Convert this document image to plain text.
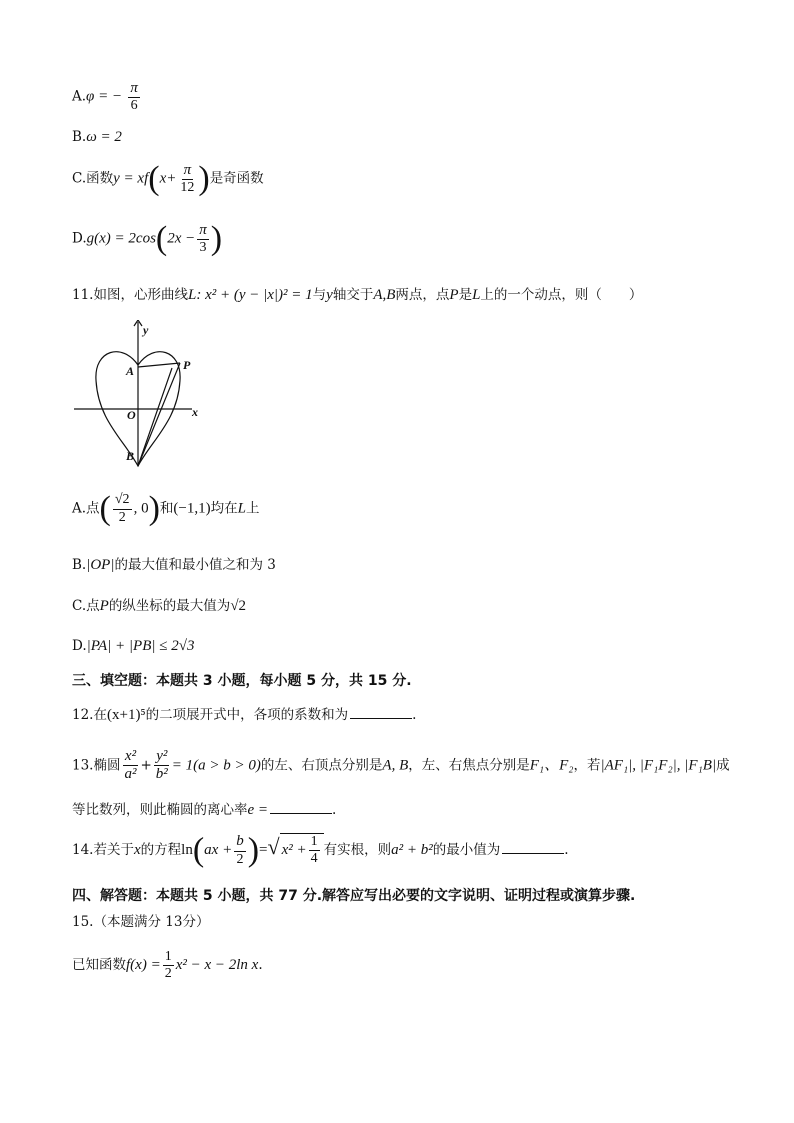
A.φ = − $\frac{\pi}{6}$
B.ω = 2
C.函数$y = xf(x+ \frac{\pi}{12}$ )是奇函数
$D.g(x) = 2\cos(2x - \frac{\pi}{3}$ )
11.如图，心形曲线L: x² + (y − |x|)² = 1与y轴交于A,B两点，点P是L上的一个动点，则（　　）
y
x
A
O
B
P
A.点( $\frac{√2}{2}$ , 0)和(−1,1)均在L上
B.|OP|的最大值和最小值之和为 3
C.点P的纵坐标的最大值为√2
D.|PA| + |PB| ≤ 2√3
三、填空题：本题共 3 小题，每小题 5 分，共 15 分.
12.在(x+1)⁵的二项展开式中，各项的系数和为	.
13.椭圆 $\frac{\text{x²}}{\text{a²}} + \frac{\text{y²}}{\text{b²}} = 1(a > b > 0)$的左、右顶点分别是A, B，左、右焦点分别是F₁、F₂，若|AF₁|, |F₁F₂|, |F₁B|成
等比数列，则此椭圆的离心率e =	.
14.若关于x的方程$\ln(ax + \frac{b}{2}$ )=√ $x^2 + \frac{1}{4}$ 有实根，则a² + b²的最小值为	.
四、解答题：本题共 5 小题，共 77 分.解答应写出必要的文字说明、证明过程或演算步骤.
15.（本题满分 13分）
已知函数$f(x) = \frac{1}{2} x^2 - x - 2\ln$ x.
